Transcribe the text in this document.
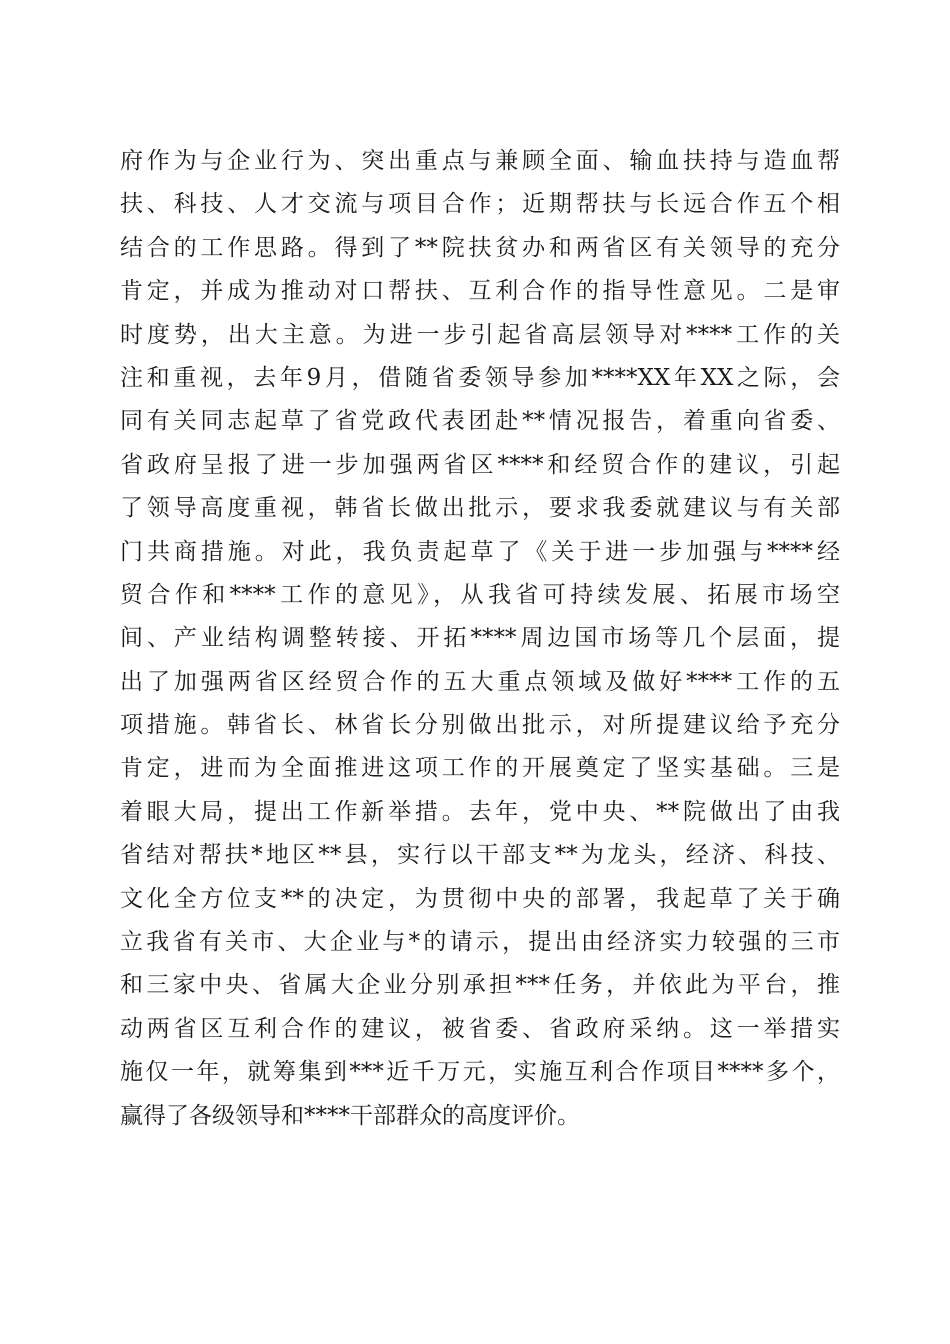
府作为与企业行为、突出重点与兼顾全面、输血扶持与造血帮
扶、科技、人才交流与项目合作；近期帮扶与长远合作五个相
结合的工作思路。得到了**院扶贫办和两省区有关领导的充分
肯定，并成为推动对口帮扶、互利合作的指导性意见。二是审
时度势，出大主意。为进一步引起省高层领导对****工作的关
注和重视，去年9月，借随省委领导参加****XX年XX之际，会
同有关同志起草了省党政代表团赴**情况报告，着重向省委、
省政府呈报了进一步加强两省区****和经贸合作的建议，引起
了领导高度重视，韩省长做出批示，要求我委就建议与有关部
门共商措施。对此，我负责起草了《关于进一步加强与****经
贸合作和****工作的意见》，从我省可持续发展、拓展市场空
间、产业结构调整转接、开拓****周边国市场等几个层面，提
出了加强两省区经贸合作的五大重点领域及做好****工作的五
项措施。韩省长、林省长分别做出批示，对所提建议给予充分
肯定，进而为全面推进这项工作的开展奠定了坚实基础。三是
着眼大局，提出工作新举措。去年，党中央、**院做出了由我
省结对帮扶*地区**县，实行以干部支**为龙头，经济、科技、
文化全方位支**的决定，为贯彻中央的部署，我起草了关于确
立我省有关市、大企业与*的请示，提出由经济实力较强的三市
和三家中央、省属大企业分别承担***任务，并依此为平台，推
动两省区互利合作的建议，被省委、省政府采纳。这一举措实
施仅一年，就筹集到***近千万元，实施互利合作项目****多个，
赢得了各级领导和****干部群众的高度评价。
